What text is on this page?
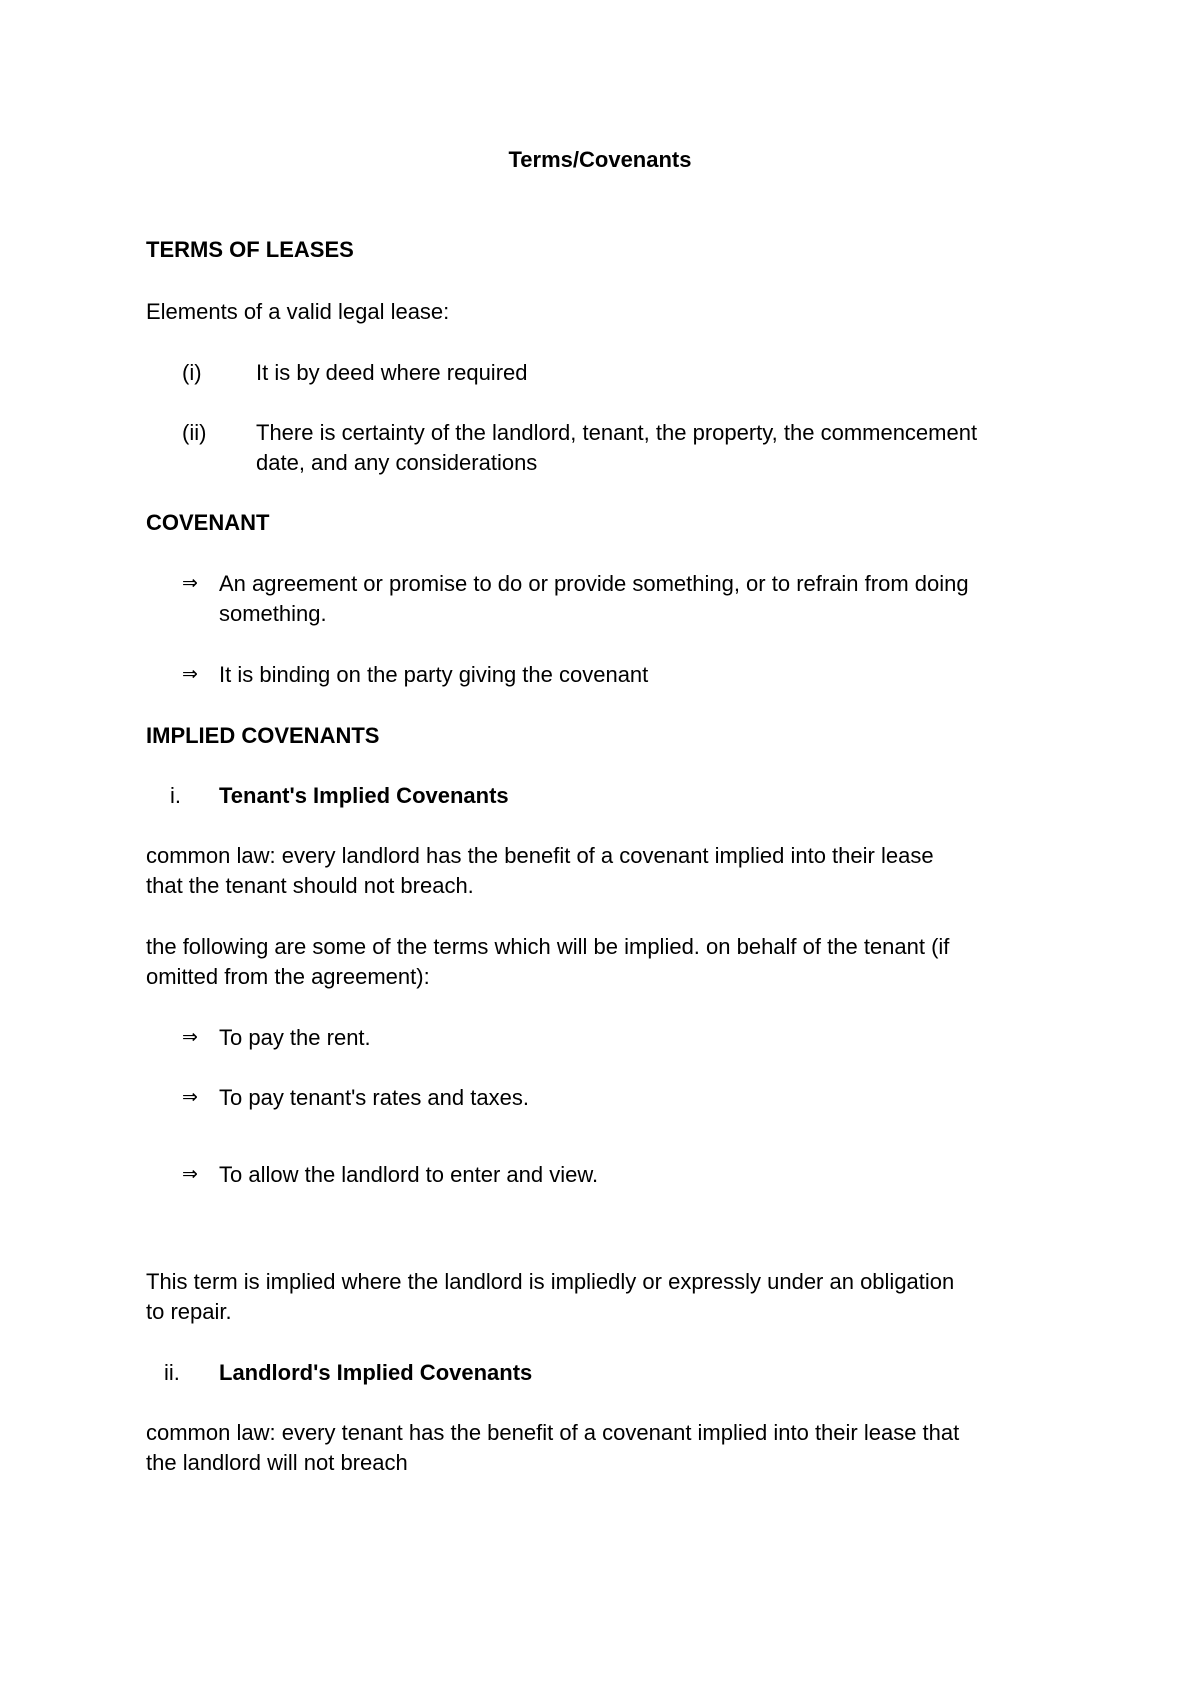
Terms/Covenants
TERMS OF LEASES
Elements of a valid legal lease:
(i) It is by deed where required
(ii) There is certainty of the landlord, tenant, the property, the commencement
date, and any considerations
COVENANT
⇒ An agreement or promise to do or provide something, or to refrain from doing
something.
⇒ It is binding on the party giving the covenant
IMPLIED COVENANTS
i. Tenant's Implied Covenants
common law: every landlord has the benefit of a covenant implied into their lease
that the tenant should not breach.
the following are some of the terms which will be implied. on behalf of the tenant (if
omitted from the agreement):
⇒ To pay the rent.
⇒ To pay tenant's rates and taxes.
⇒ To allow the landlord to enter and view.
This term is implied where the landlord is impliedly or expressly under an obligation
to repair.
ii. Landlord's Implied Covenants
common law: every tenant has the benefit of a covenant implied into their lease that
the landlord will not breach
